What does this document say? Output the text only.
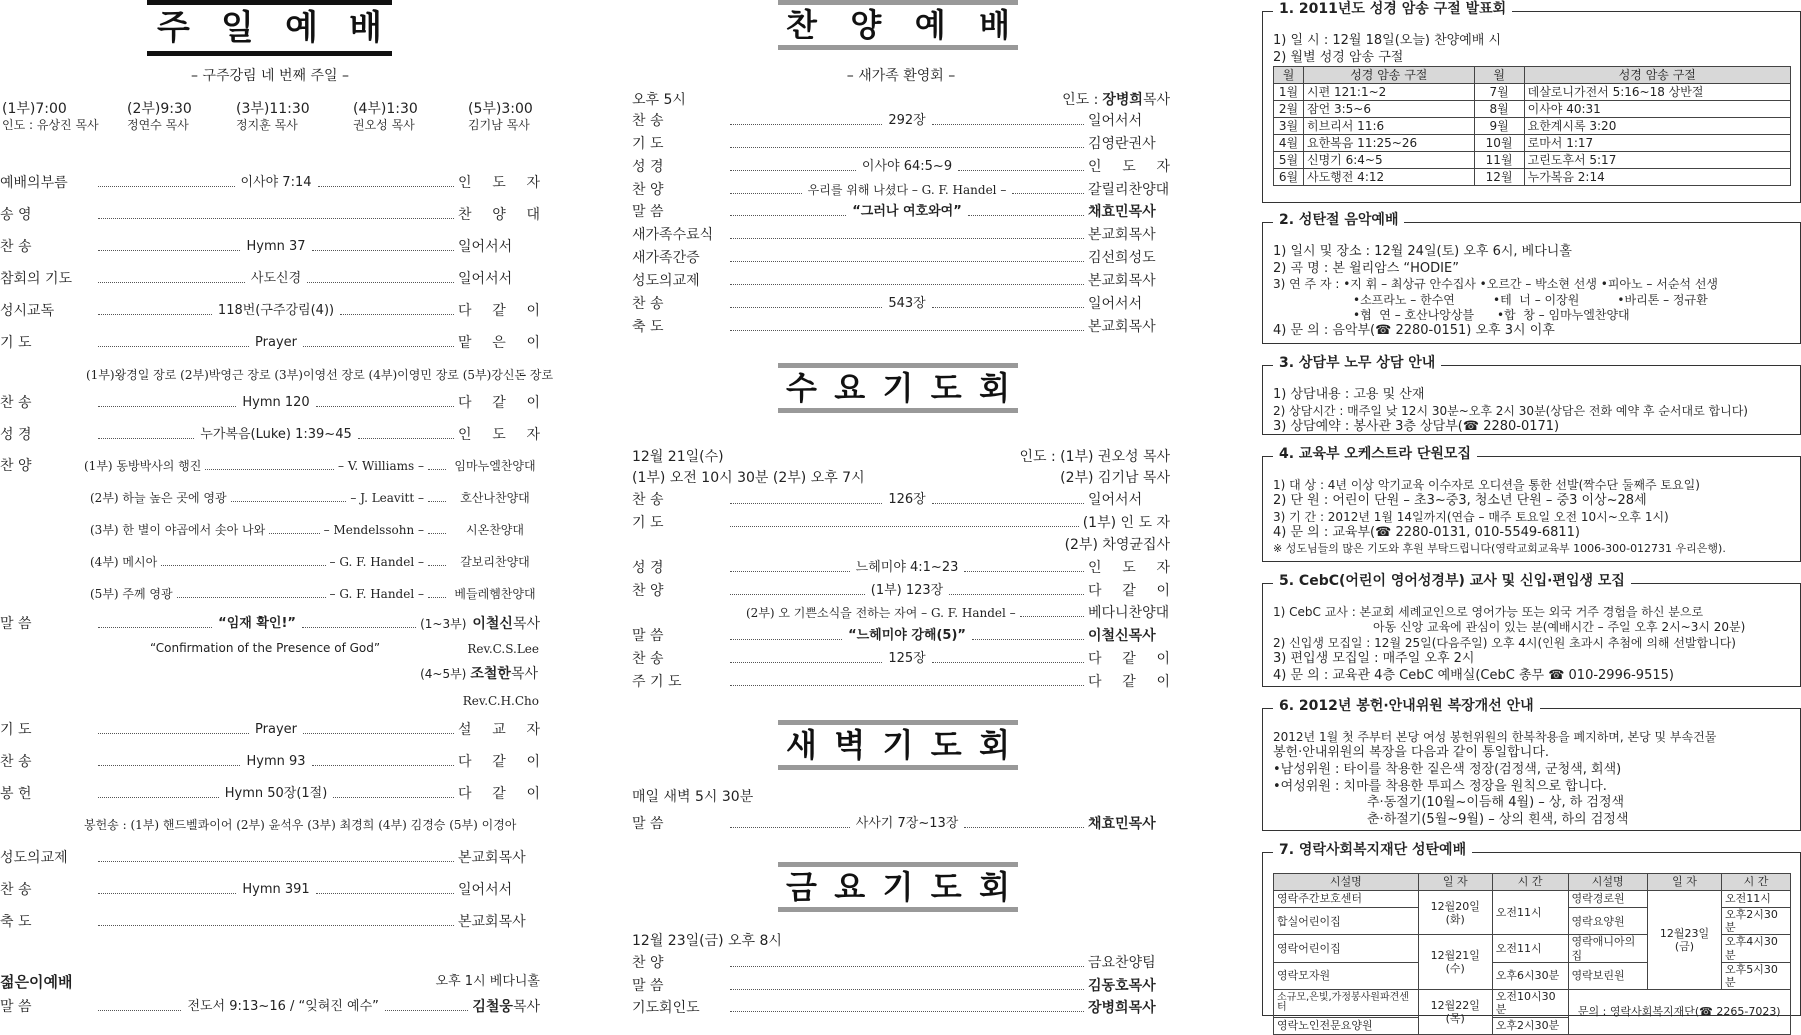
주 일 예 배
– 구주강림 네 번째 주일 –
(1부)7:00
인도 : 유상진 목사
(2부)9:30
정연수 목사
(3부)11:30
정지훈 목사
(4부)1:30
권오성 목사
(5부)3:00
김기남 목사
예배의부름	이사야 7:14	인 도 자
송 영	찬 양 대
찬 송	Hymn 37	일어서서
참회의 기도	사도신경	일어서서
성시교독	118번(구주강림(4))	다 같 이
기 도	Prayer	맡 은 이
(1부)왕경일 장로 (2부)박영근 장로 (3부)이영선 장로 (4부)이영민 장로 (5부)강신돈 장로
찬 송	Hymn 120	다 같 이
성 경	누가복음(Luke) 1:39~45	인 도 자
찬 양	(1부) 동방박사의 행진	– V. Williams –	임마누엘찬양대
(2부) 하늘 높은 곳에 영광	– J. Leavitt –	호산나찬양대
(3부) 한 별이 야곱에서 솟아 나와	– Mendelssohn –	시온찬양대
(4부) 메시아	– G. F. Handel –	갈보리찬양대
(5부) 주께 영광	– G. F. Handel –	베들레헴찬양대
말 씀	“임재 확인!”	(1~3부) 이철신 목사
“Confirmation of the Presence of God”	Rev.C.S.Lee
(4~5부) 조철한 목사
Rev.C.H.Cho
기 도	Prayer	설 교 자
찬 송	Hymn 93	다 같 이
봉 헌	Hymn 50장(1절)	다 같 이
봉헌송 : (1부) 핸드벨콰이어 (2부) 윤석우 (3부) 최경희 (4부) 김경승 (5부) 이경아
성도의교제	본교회목사
찬 송	Hymn 391	일어서서
축 도	본교회목사
젊은이예배	오후 1시 베다니홀
말 씀	전도서 9:13~16 / “잊혀진 예수”	김철웅 목사
찬 양 예 배
– 새가족 환영회 –
오후 5시	인도 : 장병희 목사
찬 송	292장	일어서서
기 도	김영란권사
성 경	이사야 64:5~9	인 도 자
찬 양	우리를 위해 나셨다 – G. F. Handel –	갈릴리찬양대
말 씀	“그러나 여호와여”	채효민목사
새가족수료식	본교회목사
새가족간증	김선희성도
성도의교제	본교회목사
찬 송	543장	일어서서
축 도	본교회목사
수 요 기 도 회
12월 21일(수)	인도 : (1부) 권오성 목사
(1부) 오전 10시 30분 (2부) 오후 7시	(2부) 김기남 목사
찬 송	126장	일어서서
기 도	(1부) 인 도 자
(2부) 차영균집사
성 경	느헤미야 4:1~23	인 도 자
찬 양	(1부) 123장	다 같 이
(2부) 오 기쁜소식을 전하는 자여 – G. F. Handel –	베다니찬양대
말 씀	“느헤미야 강해(5)”	이철신목사
찬 송	125장	다 같 이
주 기 도	다 같 이
새 벽 기 도 회
매일 새벽 5시 30분
말 씀	사사기 7장~13장	채효민목사
금 요 기 도 회
12월 23일(금) 오후 8시
찬 양	금요찬양팀
말 씀	김동호목사
기도회인도	장병희목사
1. 2011년도 성경 암송 구절 발표회

1) 일 시 : 12월 18일(오늘) 찬양예배 시

2) 월별 성경 암송 구절

월	성경 암송 구절	월	성경 암송 구절
1월	시편 121:1~2	7월	데살로니가전서 5:16~18 상반절
2월	잠언 3:5~6	8월	이사야 40:31
3월	히브리서 11:6	9월	요한계시록 3:20
4월	요한복음 11:25~26	10월	로마서 1:17
5월	신명기 6:4~5	11월	고린도후서 5:17
6월	사도행전 4:12	12월	누가복음 2:14
2. 성탄절 음악예배

1) 일시 및 장소 : 12월 24일(토) 오후 6시, 베다니홀

2) 곡 명 : 본 윌리암스 “HODIE”

3) 연 주 자 : •지 휘 – 최상규 안수집사 •오르간 – 박소현 선생 •피아노 – 서순석 선생

•소프라노 – 한수연          •테  너 – 이장원          •바리톤 – 정규환

•협  연 – 호산나앙상블      •합  창 – 임마누엘찬양대

4) 문 의 : 음악부(☎ 2280-0151) 오후 3시 이후

3. 상담부 노무 상담 안내

1) 상담내용 : 고용 및 산재

2) 상담시간 : 매주일 낮 12시 30분~오후 2시 30분(상담은 전화 예약 후 순서대로 합니다)

3) 상담예약 : 봉사관 3층 상담부(☎ 2280-0171)

4. 교육부 오케스트라 단원모집

1) 대 상 : 4년 이상 악기교육 이수자로 오디션을 통한 선발(짝수단 둘째주 토요일)

2) 단 원 : 어린이 단원 – 초3~중3, 청소년 단원 – 중3 이상~28세

3) 기 간 : 2012년 1월 14일까지(연습 – 매주 토요일 오전 10시~오후 1시)

4) 문 의 : 교육부(☎ 2280-0131, 010-5549-6811)

※ 성도님들의 많은 기도와 후원 부탁드립니다(영락교회교육부 1006-300-012731 우리은행).

5. CebC(어린이 영어성경부) 교사 및 신입·편입생 모집

1) CebC 교사 : 본교회 세례교인으로 영어가능 또는 외국 거주 경험을 하신 분으로

아동 신앙 교육에 관심이 있는 분(예배시간 – 주일 오후 2시~3시 20분)

2) 신입생 모집일 : 12월 25일(다음주일) 오후 4시(인원 초과시 추첨에 의해 선발합니다)

3) 편입생 모집일 : 매주일 오후 2시

4) 문 의 : 교육관 4층 CebC 예배실(CebC 총무 ☎ 010-2996-9515)

6. 2012년 봉헌·안내위원 복장개선 안내

2012년 1월 첫 주부터 본당 여성 봉헌위원의 한복착용을 폐지하며, 본당 및 부속건물

봉헌·안내위원의 복장을 다음과 같이 통일합니다.

•남성위원 : 타이를 착용한 짙은색 정장(검정색, 군청색, 회색)

•여성위원 : 치마를 착용한 투피스 정장을 원칙으로 합니다.

추·동절기(10월~이듬해 4월) – 상, 하 검정색

춘·하절기(5월~9월) – 상의 흰색, 하의 검정색

7. 영락사회복지재단 성탄예배
시설명	일 자	시 간	시설명	일 자	시 간
영락주간보호센터	12월20일(화)	오전11시	영락경로원	12월23일(금)	오전11시
합실어린이집			영락요양원		오후2시30분
영락어린이집	12월21일(수)	오전11시	영락애니아의집		오후4시30분
영락모자원		오후6시30분	영락보린원		오후5시30분
소규모,은빛,가정봉사원파견센터	12월22일(목)	오전10시30분	문의 : 영락사회복지재단(☎ 2265-7023)		
영락노인전문요양원		오후2시30분			
